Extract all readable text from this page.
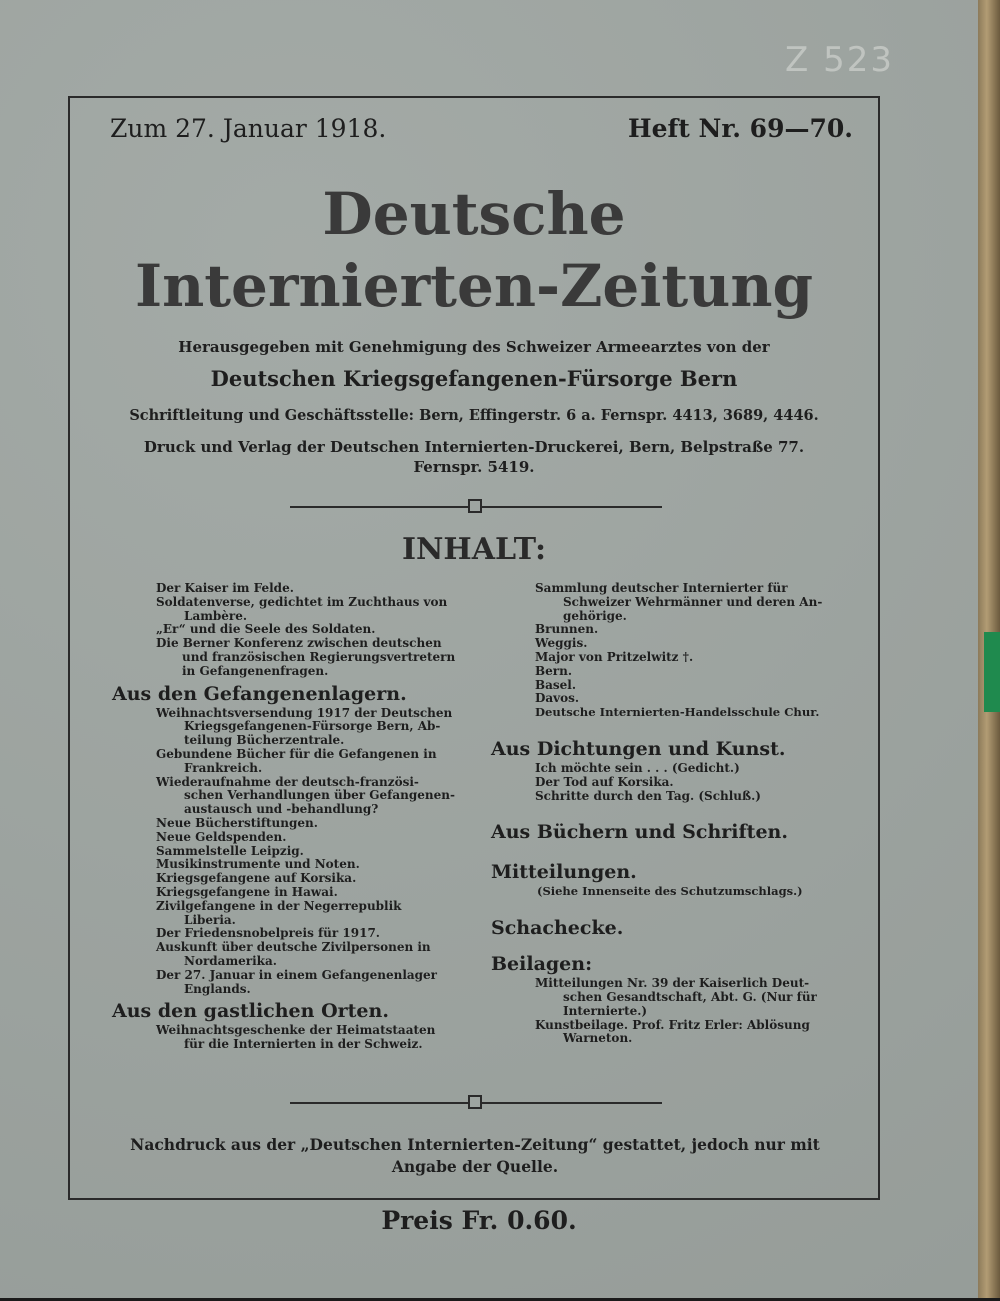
Z 523
Zum 27. Januar 1918.	Heft Nr. 69—70.
Deutsche
Internierten-Zeitung
Herausgegeben mit Genehmigung des Schweizer Armeearztes von der
Deutschen Kriegsgefangenen-Fürsorge Bern
Schriftleitung und Geschäftsstelle: Bern, Effingerstr. 6 a. Fernspr. 4413, 3689, 4446.
Druck und Verlag der Deutschen Internierten-Druckerei, Bern, Belpstraße 77.
Fernspr. 5419.
INHALT:
Der Kaiser im Felde.
Soldatenverse, gedichtet im Zuchthaus von
Lambère.
„Er“ und die Seele des Soldaten.
Die Berner Konferenz zwischen deutschen
und französischen Regierungsvertretern
in Gefangenenfragen.
Aus den Gefangenenlagern.
Weihnachtsversendung 1917 der Deutschen
Kriegsgefangenen-Fürsorge Bern, Ab-
teilung Bücherzentrale.
Gebundene Bücher für die Gefangenen in
Frankreich.
Wiederaufnahme der deutsch-französi-
schen Verhandlungen über Gefangenen-
austausch und -behandlung?
Neue Bücherstiftungen.
Neue Geldspenden.
Sammelstelle Leipzig.
Musikinstrumente und Noten.
Kriegsgefangene auf Korsika.
Kriegsgefangene in Hawai.
Zivilgefangene in der Negerrepublik
Liberia.
Der Friedensnobelpreis für 1917.
Auskunft über deutsche Zivilpersonen in
Nordamerika.
Der 27. Januar in einem Gefangenenlager
Englands.
Aus den gastlichen Orten.
Weihnachtsgeschenke der Heimatstaaten
für die Internierten in der Schweiz.
Sammlung deutscher Internierter für
Schweizer Wehrmänner und deren An-
gehörige.
Brunnen.
Weggis.
Major von Pritzelwitz †.
Bern.
Basel.
Davos.
Deutsche Internierten-Handelsschule Chur.
Aus Dichtungen und Kunst.
Ich möchte sein . . . (Gedicht.)
Der Tod auf Korsika.
Schritte durch den Tag. (Schluß.)
Aus Büchern und Schriften.
Mitteilungen.
(Siehe Innenseite des Schutzumschlags.)
Schachecke.
Beilagen:
Mitteilungen Nr. 39 der Kaiserlich Deut-
schen Gesandtschaft, Abt. G. (Nur für
Internierte.)
Kunstbeilage. Prof. Fritz Erler: Ablösung
Warneton.
Nachdruck aus der „Deutschen Internierten-Zeitung“ gestattet, jedoch nur mit
Angabe der Quelle.
Preis Fr. 0.60.
